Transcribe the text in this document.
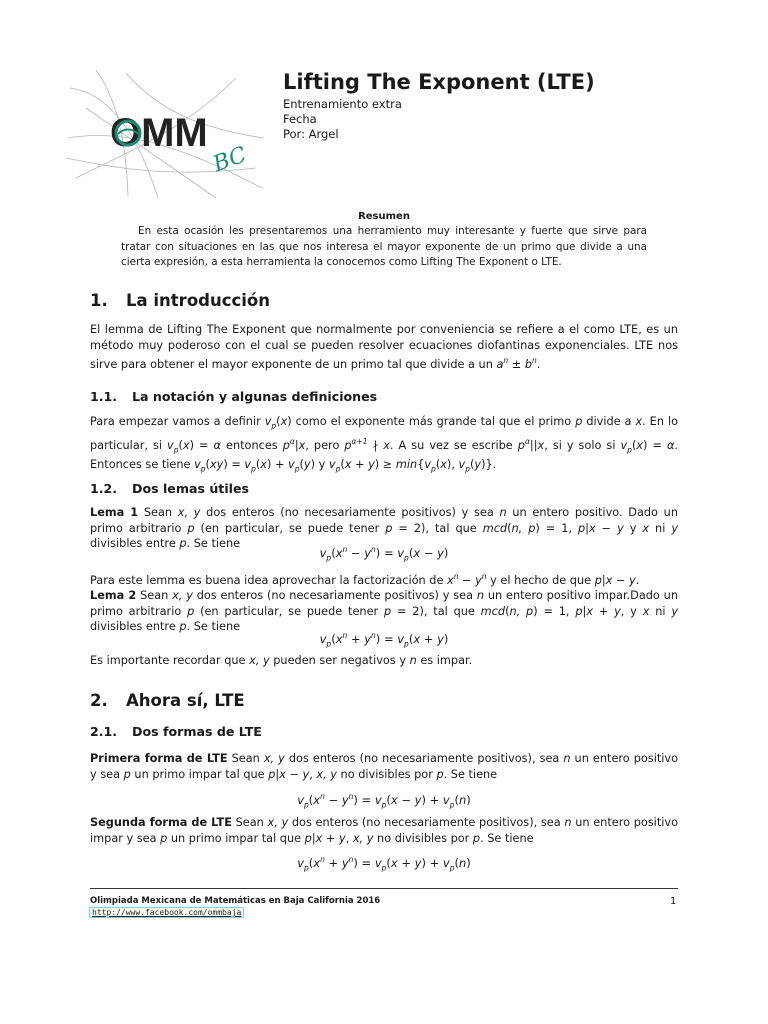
OMM
BC
Lifting The Exponent (LTE)
Entrenamiento extra
Fecha
Por: Argel
Resumen
En esta ocasión les presentaremos una herramiento muy interesante y fuerte que sirve para tratar con situaciones en las que nos interesa el mayor exponente de un primo que divide a una cierta expresión, a esta herramienta la conocemos como Lifting The Exponent o LTE.
1. La introducción
El lemma de Lifting The Exponent que normalmente por conveniencia se refiere a el como LTE, es un método muy poderoso con el cual se pueden resolver ecuaciones diofantinas exponenciales. LTE nos sirve para obtener el mayor exponente de un primo tal que divide a un $a^n \pm b^n$.
1.1. La notación y algunas definiciones
Para empezar vamos a definir $v_p(x)$ como el exponente más grande tal que el primo p divide a x. En lo particular, si $v_p(x) = \alpha$ entonces $p^\alpha|x$, pero $p^{\alpha+1}$ ∤ x. A su vez se escribe $p^\alpha||x$, si y solo si $v_p(x) = \alpha$. Entonces se tiene $v_p(xy) = v_p(x) + v_p(y)$ y $v_p(x + y) \ge \min\{v_p(x)$, $v_p(y)$}.
1.2. Dos lemas útiles
Lema 1 Sean x, y dos enteros (no necesariamente positivos) y sea n un entero positivo. Dado un primo arbitrario p (en particular, se puede tener p = 2), tal que mcd(n, p) = 1, p|x − y y x ni y divisibles entre p. Se tiene
$v_p(x^n - y^n) = v_p(x - y)$
Para este lemma es buena idea aprovechar la factorización de $x^n - y^n$ y el hecho de que p|x − y.
Lema 2 Sean x, y dos enteros (no necesariamente positivos) y sea n un entero positivo impar.Dado un primo arbitrario p (en particular, se puede tener p = 2), tal que mcd(n, p) = 1, p|x + y, y x ni y divisibles entre p. Se tiene
$v_p(x^n + y^n) = v_p(x + y)$
Es importante recordar que x, y pueden ser negativos y n es impar.
2. Ahora sí, LTE
2.1. Dos formas de LTE
Primera forma de LTE Sean x, y dos enteros (no necesariamente positivos), sea n un entero positivo y sea p un primo impar tal que p|x − y, x, y no divisibles por p. Se tiene
$v_p(x^n - y^n) = v_p(x - y) + v_p(n)$
Segunda forma de LTE Sean x, y dos enteros (no necesariamente positivos), sea n un entero positivo impar y sea p un primo impar tal que p|x + y, x, y no divisibles por p. Se tiene
$v_p(x^n + y^n) = v_p(x + y) + v_p(n)$
Olimpiada Mexicana de Matemáticas en Baja California 2016
http://www.facebook.com/ommbaja
1
